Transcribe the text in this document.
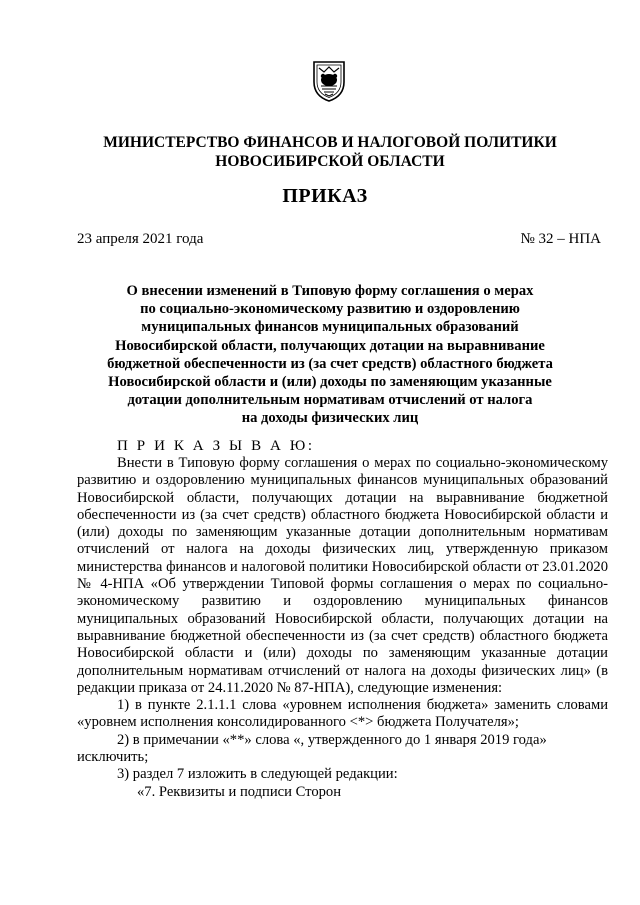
МИНИСТЕРСТВО ФИНАНСОВ И НАЛОГОВОЙ ПОЛИТИКИ
НОВОСИБИРСКОЙ ОБЛАСТИ
ПРИКАЗ
23 апреля 2021 года	№ 32 – НПА
О внесении изменений в Типовую форму соглашения о мерах
по социально-экономическому развитию и оздоровлению
муниципальных финансов муниципальных образований
Новосибирской области, получающих дотации на выравнивание
бюджетной обеспеченности из (за счет средств) областного бюджета
Новосибирской области и (или) доходы по заменяющим указанные
дотации дополнительным нормативам отчислений от налога
на доходы физических лиц
П Р И К А З Ы В А Ю:

Внести в Типовую форму соглашения о мерах по социально-экономическому развитию и оздоровлению муниципальных финансов муниципальных образований Новосибирской области, получающих дотации на выравнивание бюджетной обеспеченности из (за счет средств) областного бюджета Новосибирской области и (или) доходы по заменяющим указанные дотации дополнительным нормативам отчислений от налога на доходы физических лиц, утвержденную приказом министерства финансов и налоговой политики Новосибирской области от 23.01.2020 № 4-НПА «Об утверждении Типовой формы соглашения о мерах по социально-экономическому развитию и оздоровлению муниципальных финансов муниципальных образований Новосибирской области, получающих дотации на выравнивание бюджетной обеспеченности из (за счет средств) областного бюджета Новосибирской области и (или) доходы по заменяющим указанные дотации дополнительным нормативам отчислений от налога на доходы физических лиц» (в редакции приказа от 24.11.2020 № 87-НПА), следующие изменения:

1) в пункте 2.1.1.1 слова «уровнем исполнения бюджета» заменить словами «уровнем исполнения консолидированного <*> бюджета Получателя»;

2) в примечании «**» слова «, утвержденного до 1 января 2019 года»

исключить;

3) раздел 7 изложить в следующей редакции:

«7. Реквизиты и подписи Сторон
